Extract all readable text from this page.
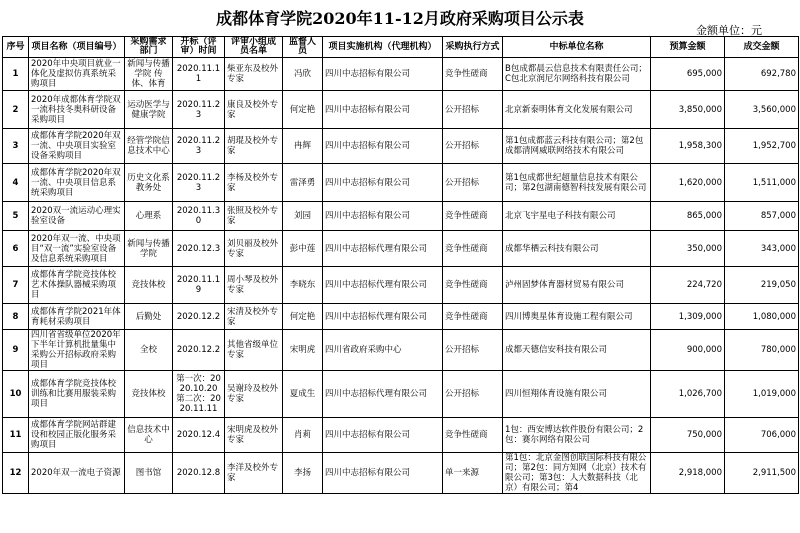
成都体育学院2020年11-12月政府采购项目公示表
金额单位：元
序号	项目名称（项目编号）	采购需求部门	开标（评审）时间	评审小组成员名单	监督人员	项目实施机构（代理机构）	采购执行方式	中标单位名称	预算金额	成交金额
1	2020年中央项目就业一体化及虚拟仿真系统采购项目	新闻与传播学院 传体、体育	2020.11.11	柴亚东及校外专家	冯欣	四川中志招标有限公司	竞争性磋商	B包成都晨云信息技术有限责任公司；C包北京润尼尔网络科技有限公司	695,000	692,780
2	2020年成都体育学院双一流科技冬奥科研设备采购项目	运动医学与健康学院	2020.11.23	康良及校外专家	何定艳	四川中志招标有限公司	公开招标	北京新泰明体育文化发展有限公司	3,850,000	3,560,000
3	成都体育学院2020年双一流、中央项目实验室设备采购项目	经管学院信息技术中心	2020.11.23	胡琨及校外专家	冉辉	四川中志招标有限公司	公开招标	第1包成都蓝云科技有限公司；第2包成都清网威联网络技术有限公司	1,958,300	1,952,700
4	成都体育学院2020年双一流、中央项目信息系统采购项目	历史文化系 教务处	2020.11.23	李杨及校外专家	雷泽勇	四川中志招标有限公司	公开招标	第1包成都世纪超量信息技术有限公司；第2包湖南德智科技发展有限公司	1,620,000	1,511,000
5	2020双一流运动心理实验室设备	心理系	2020.11.30	张照及校外专家	刘园	四川中志招标有限公司	竞争性磋商	北京飞宇星电子科技有限公司	865,000	857,000
6	2020年双一流、中央项目“双一流”实验室设备及信息系统采购项目	新闻与传播学院	2020.12.3	刘贝丽及校外专家	彭中莲	四川中志招标代理有限公司	竞争性磋商	成都华栖云科技有限公司	350,000	343,000
7	成都体育学院竞技体校艺术体操队器械采购项目	竞技体校	2020.11.19	周小琴及校外专家	李晓东	四川中志招标代理有限公司	竞争性磋商	泸州固梦体育器材贸易有限公司	224,720	219,050
8	成都体育学院2021年体育耗材采购项目	后勤处	2020.12.2	宋清及校外专家	何定艳	四川中志招标代理有限公司	竞争性磋商	四川博奥星体育设施工程有限公司	1,309,000	1,080,000
9	四川省省级单位2020年下半年计算机批量集中采购公开招标政府采购项目	全校	2020.12.2	其他省级单位专家	宋明虎	四川省政府采购中心	公开招标	成都天德信安科技有限公司	900,000	780,000
10	成都体育学院竞技体校训练和比赛用服装采购项目	竞技体校	第一次：2020.10.20 第二次：2020.11.11	吴谢玲及校外专家	夏成生	四川中志招标代理有限公司	公开招标	四川恒翔体育设施有限公司	1,026,700	1,019,000
11	成都体育学院网站群建设和校园正版化服务采购项目	信息技术中心	2020.12.4	宋明虎及校外专家	肖莉	四川中志招标有限公司	竞争性磋商	1包：西安博达软件股份有限公司；2包：赛尔网络有限公司	750,000	706,000
12	2020年双一流电子资源	图书馆	2020.12.8	李洋及校外专家	李扬	四川中志招标有限公司	单一来源	第1包：北京金图创联国际科技有限公司；第2包：同方知网（北京）技术有限公司；第3包：人大数据科技（北京）有限公司；第4	2,918,000	2,911,500
